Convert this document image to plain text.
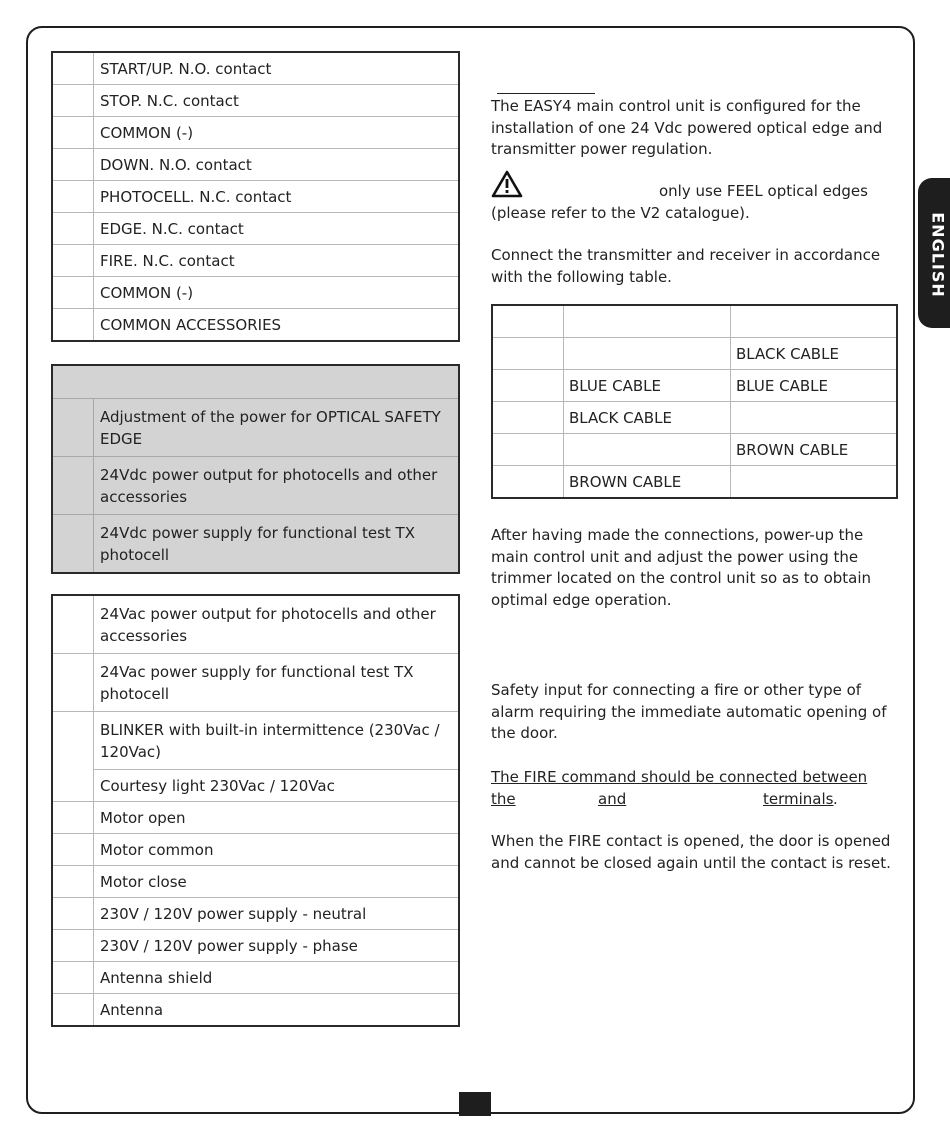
ENGLISH
	START/UP. N.O. contact
	STOP. N.C. contact
	COMMON (-)
	DOWN. N.O. contact
	PHOTOCELL. N.C. contact
	EDGE. N.C. contact
	FIRE. N.C. contact
	COMMON (-)
	COMMON ACCESSORIES

	Adjustment of the power for OPTICAL SAFETY EDGE
	24Vdc power output for photocells and other accessories
	24Vdc power supply for functional test TX photocell
	24Vac power output for photocells and other accessories
	24Vac power supply for functional test TX photocell
	BLINKER with built-in intermittence (230Vac / 120Vac)
	Courtesy light 230Vac / 120Vac
	Motor open
	Motor common
	Motor close
	230V / 120V power supply - neutral
	230V / 120V power supply - phase
	Antenna shield
	Antenna
The EASY4 main control unit is configured for the installation of one 24 Vdc powered optical edge and transmitter power regulation.
only use FEEL optical edges
(please refer to the V2 catalogue).
Connect the transmitter and receiver in accordance with the following table.

		BLACK CABLE
	BLUE CABLE	BLUE CABLE
	BLACK CABLE	
		BROWN CABLE
	BROWN CABLE	
After having made the connections, power-up the main control unit and adjust the power using the trimmer located on the control unit so as to obtain optimal edge operation.
Safety input for connecting a fire or other type of alarm requiring the immediate automatic opening of the door.
The FIRE command should be connected between
the	and	terminals .
When the FIRE contact is opened, the door is opened and cannot be closed again until the contact is reset.
